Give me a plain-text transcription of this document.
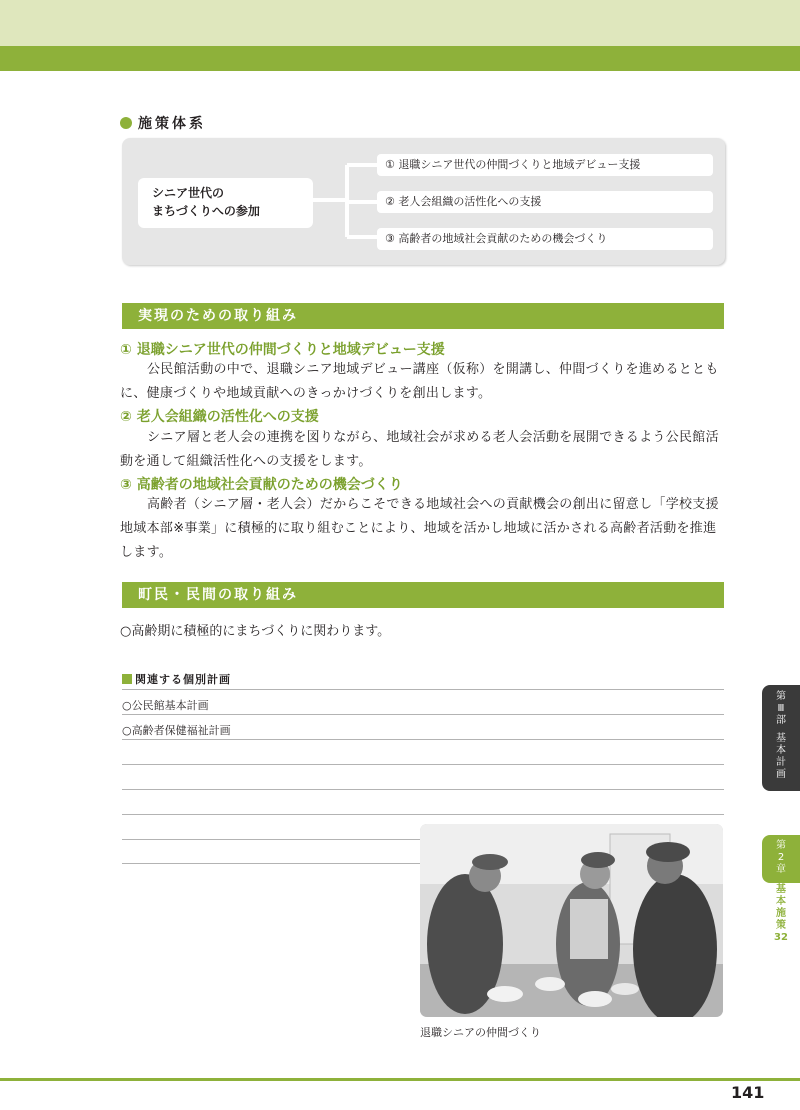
施策体系
シニア世代の
まちづくりへの参加
① 退職シニア世代の仲間づくりと地域デビュー支援
② 老人会組織の活性化への支援
③ 高齢者の地域社会貢献のための機会づくり
実現のための取り組み
① 退職シニア世代の仲間づくりと地域デビュー支援
公民館活動の中で、退職シニア地域デビュー講座（仮称）を開講し、仲間づくりを進めるとともに、健康づくりや地域貢献へのきっかけづくりを創出します。
② 老人会組織の活性化への支援
シニア層と老人会の連携を図りながら、地域社会が求める老人会活動を展開できるよう公民館活動を通して組織活性化への支援をします。
③ 高齢者の地域社会貢献のための機会づくり
高齢者（シニア層・老人会）だからこそできる地域社会への貢献機会の創出に留意し「学校支援地域本部※事業」に積極的に取り組むことにより、地域を活かし地域に活かされる高齢者活動を推進します。
町民・民間の取り組み
○高齢期に積極的にまちづくりに関わります。
関連する個別計画
○公民館基本計画
○高齢者保健福祉計画
退職シニアの仲間づくり
第
Ⅲ
部
基
本
計
画
第
2
章
基
本
施
策
32
141
